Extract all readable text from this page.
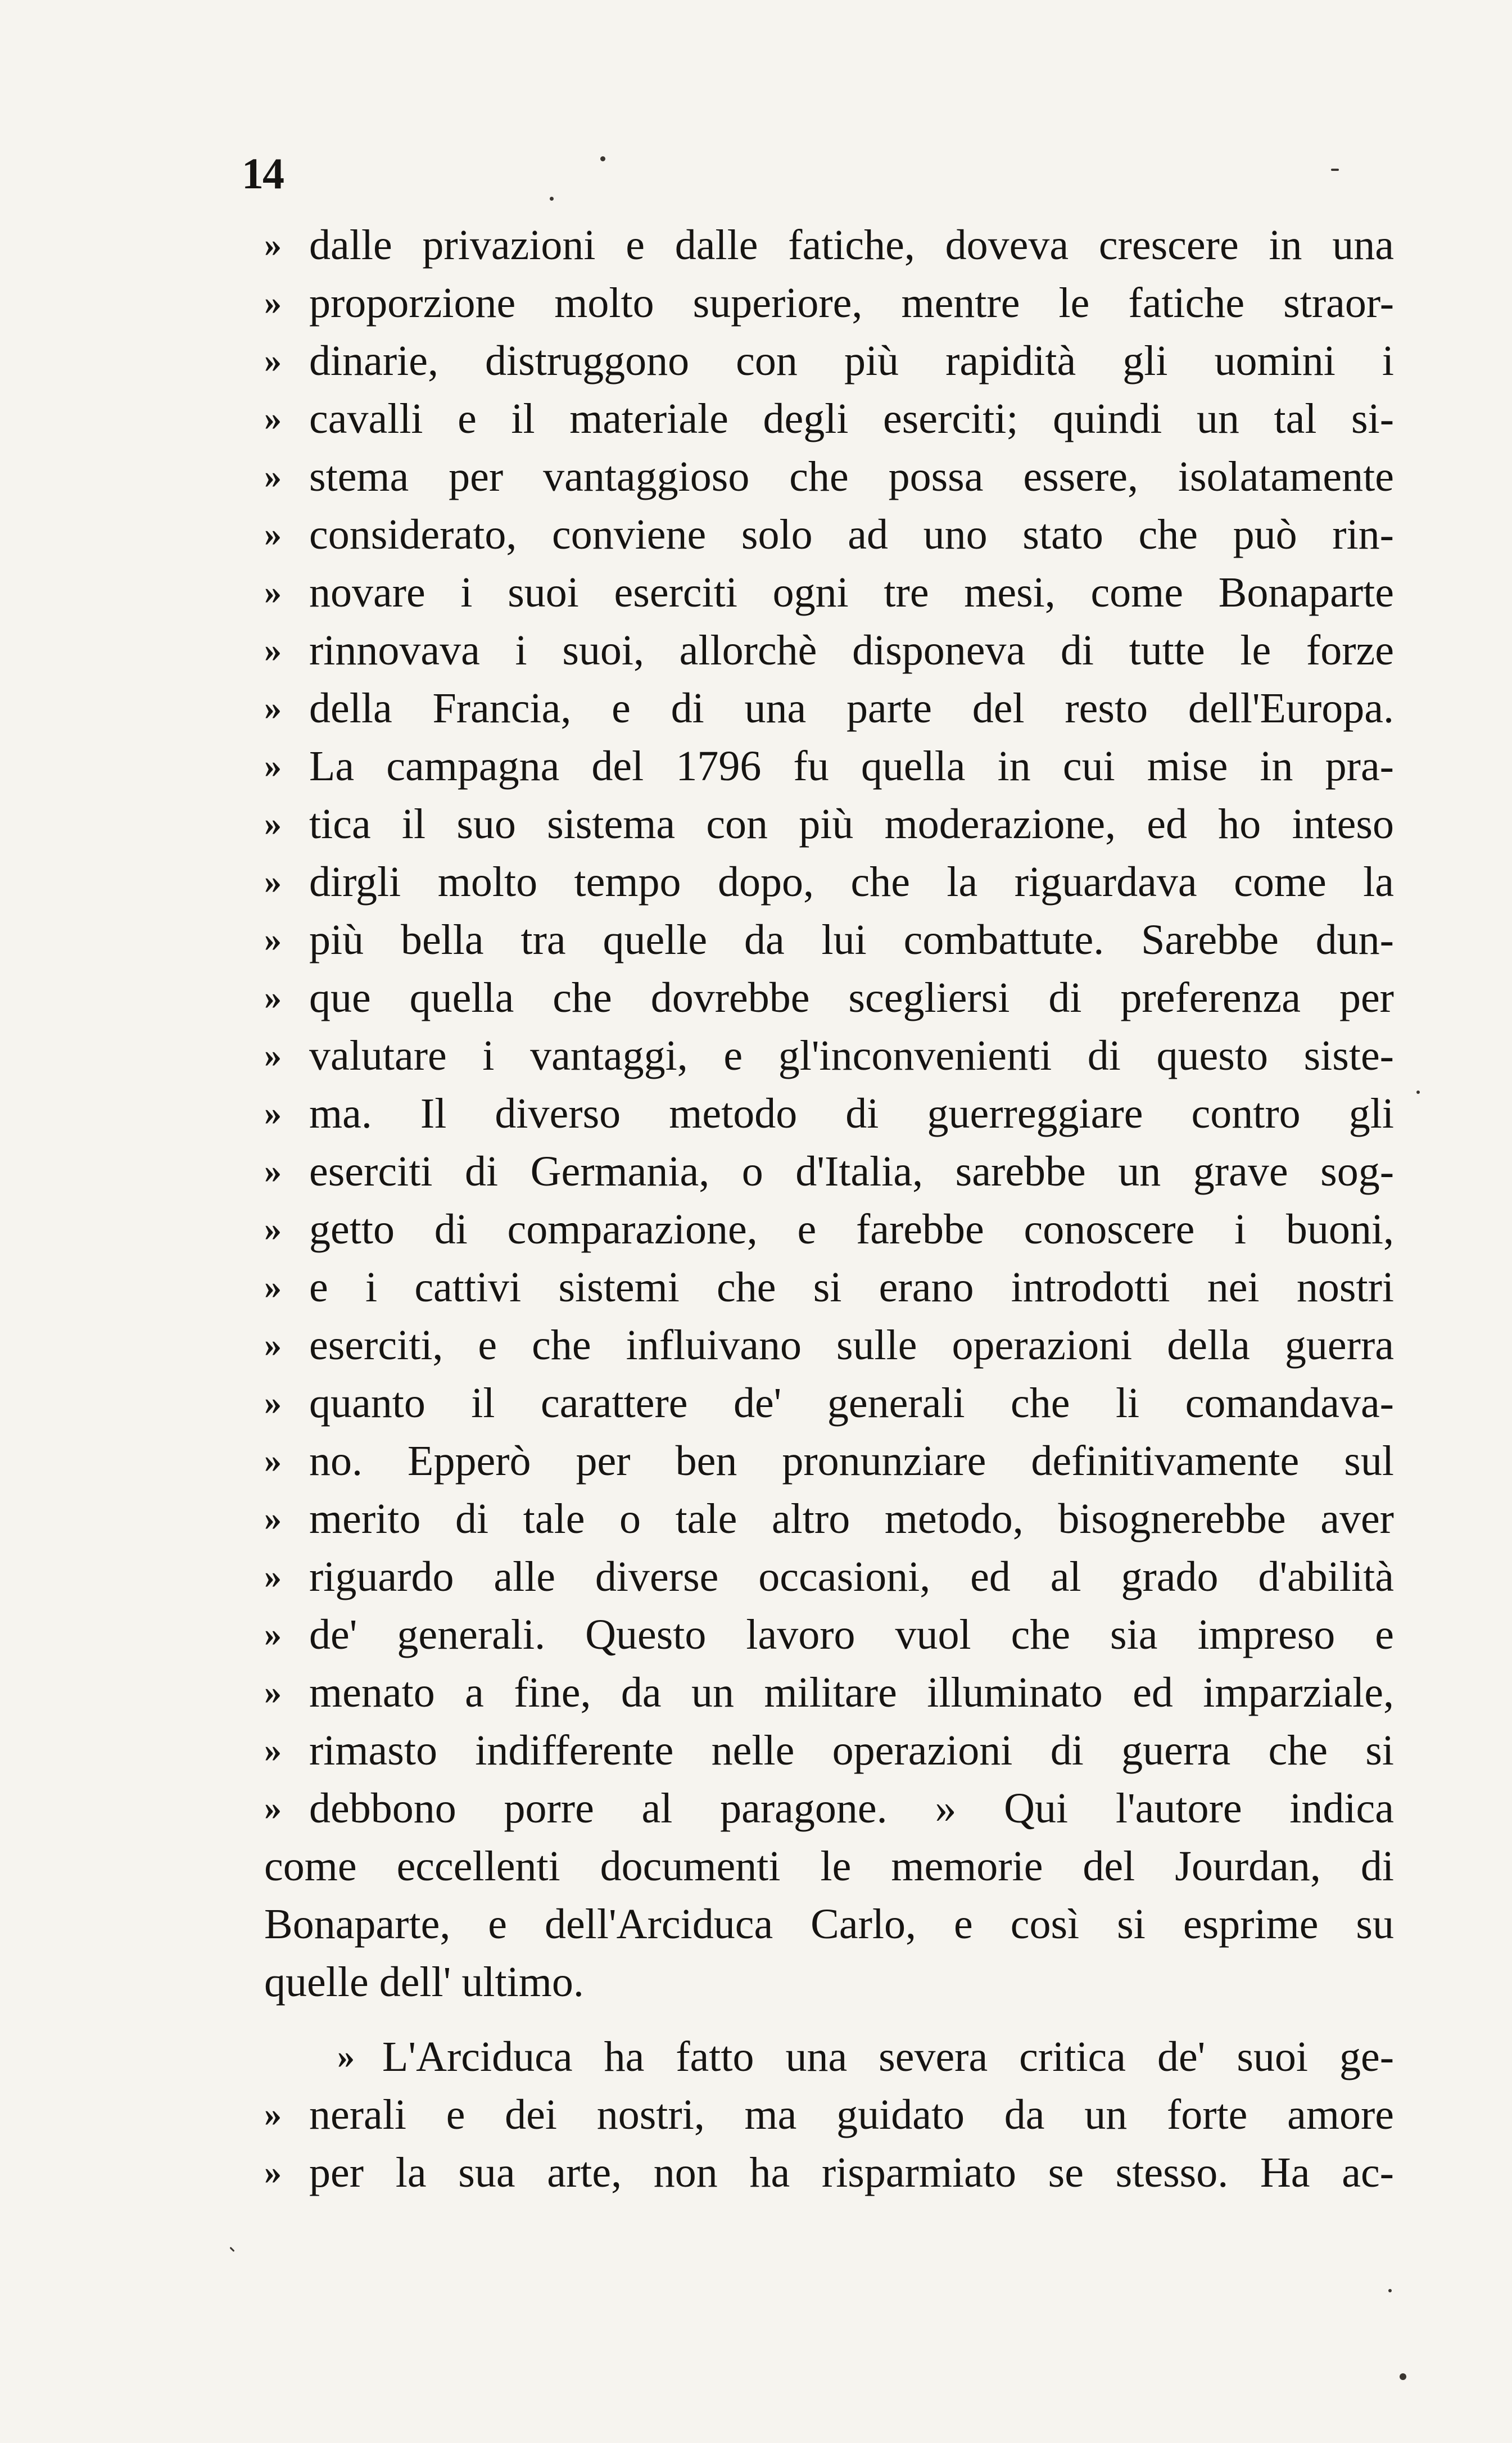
14
» dalle privazioni e dalle fatiche, doveva crescere in una
» proporzione molto superiore, mentre le fatiche straor-
» dinarie, distruggono con più rapidità gli uomini i
» cavalli e il materiale degli eserciti; quindi un tal si-
» stema per vantaggioso che possa essere, isolatamente
» considerato, conviene solo ad uno stato che può rin-
» novare i suoi eserciti ogni tre mesi, come Bonaparte
» rinnovava i suoi, allorchè disponeva di tutte le forze
» della Francia, e di una parte del resto dell'Europa.
» La campagna del 1796 fu quella in cui mise in pra-
» tica il suo sistema con più moderazione, ed ho inteso
» dirgli molto tempo dopo, che la riguardava come la
» più bella tra quelle da lui combattute. Sarebbe dun-
» que quella che dovrebbe scegliersi di preferenza per
» valutare i vantaggi, e gl'inconvenienti di questo siste-
» ma. Il diverso metodo di guerreggiare contro gli
» eserciti di Germania, o d'Italia, sarebbe un grave sog-
» getto di comparazione, e farebbe conoscere i buoni,
» e i cattivi sistemi che si erano introdotti nei nostri
» eserciti, e che influivano sulle operazioni della guerra
» quanto il carattere de' generali che li comandava-
» no. Epperò per ben pronunziare definitivamente sul
» merito di tale o tale altro metodo, bisognerebbe aver
» riguardo alle diverse occasioni, ed al grado d'abilità
» de' generali. Questo lavoro vuol che sia impreso e
» menato a fine, da un militare illuminato ed imparziale,
» rimasto indifferente nelle operazioni di guerra che si
» debbono porre al paragone. » Qui l'autore indica
come eccellenti documenti le memorie del Jourdan, di
Bonaparte, e dell'Arciduca Carlo, e così si esprime su
quelle dell' ultimo.
» L'Arciduca ha fatto una severa critica de' suoi ge-
» nerali e dei nostri, ma guidato da un forte amore
» per la sua arte, non ha risparmiato se stesso. Ha ac-
